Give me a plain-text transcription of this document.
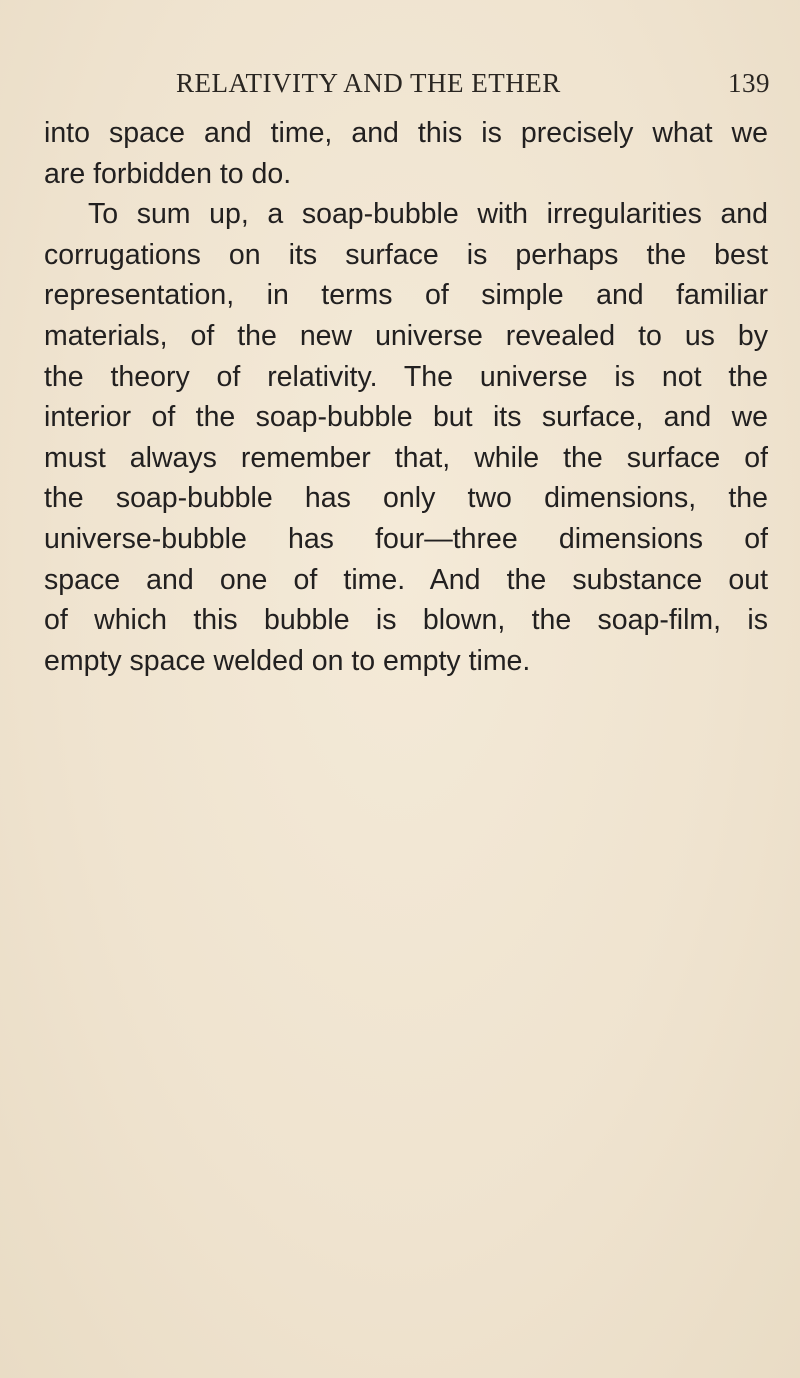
RELATIVITY AND THE ETHER	139

into space and time, and this is precisely what we
are forbidden to do.

To sum up, a soap-bubble with irregularities and
corrugations on its surface is perhaps the best
representation, in terms of simple and familiar
materials, of the new universe revealed to us by
the theory of relativity. The universe is not the
interior of the soap-bubble but its surface, and we
must always remember that, while the surface of
the soap-bubble has only two dimensions, the
universe-bubble has four—three dimensions of
space and one of time. And the substance out
of which this bubble is blown, the soap-film, is
empty space welded on to empty time.
